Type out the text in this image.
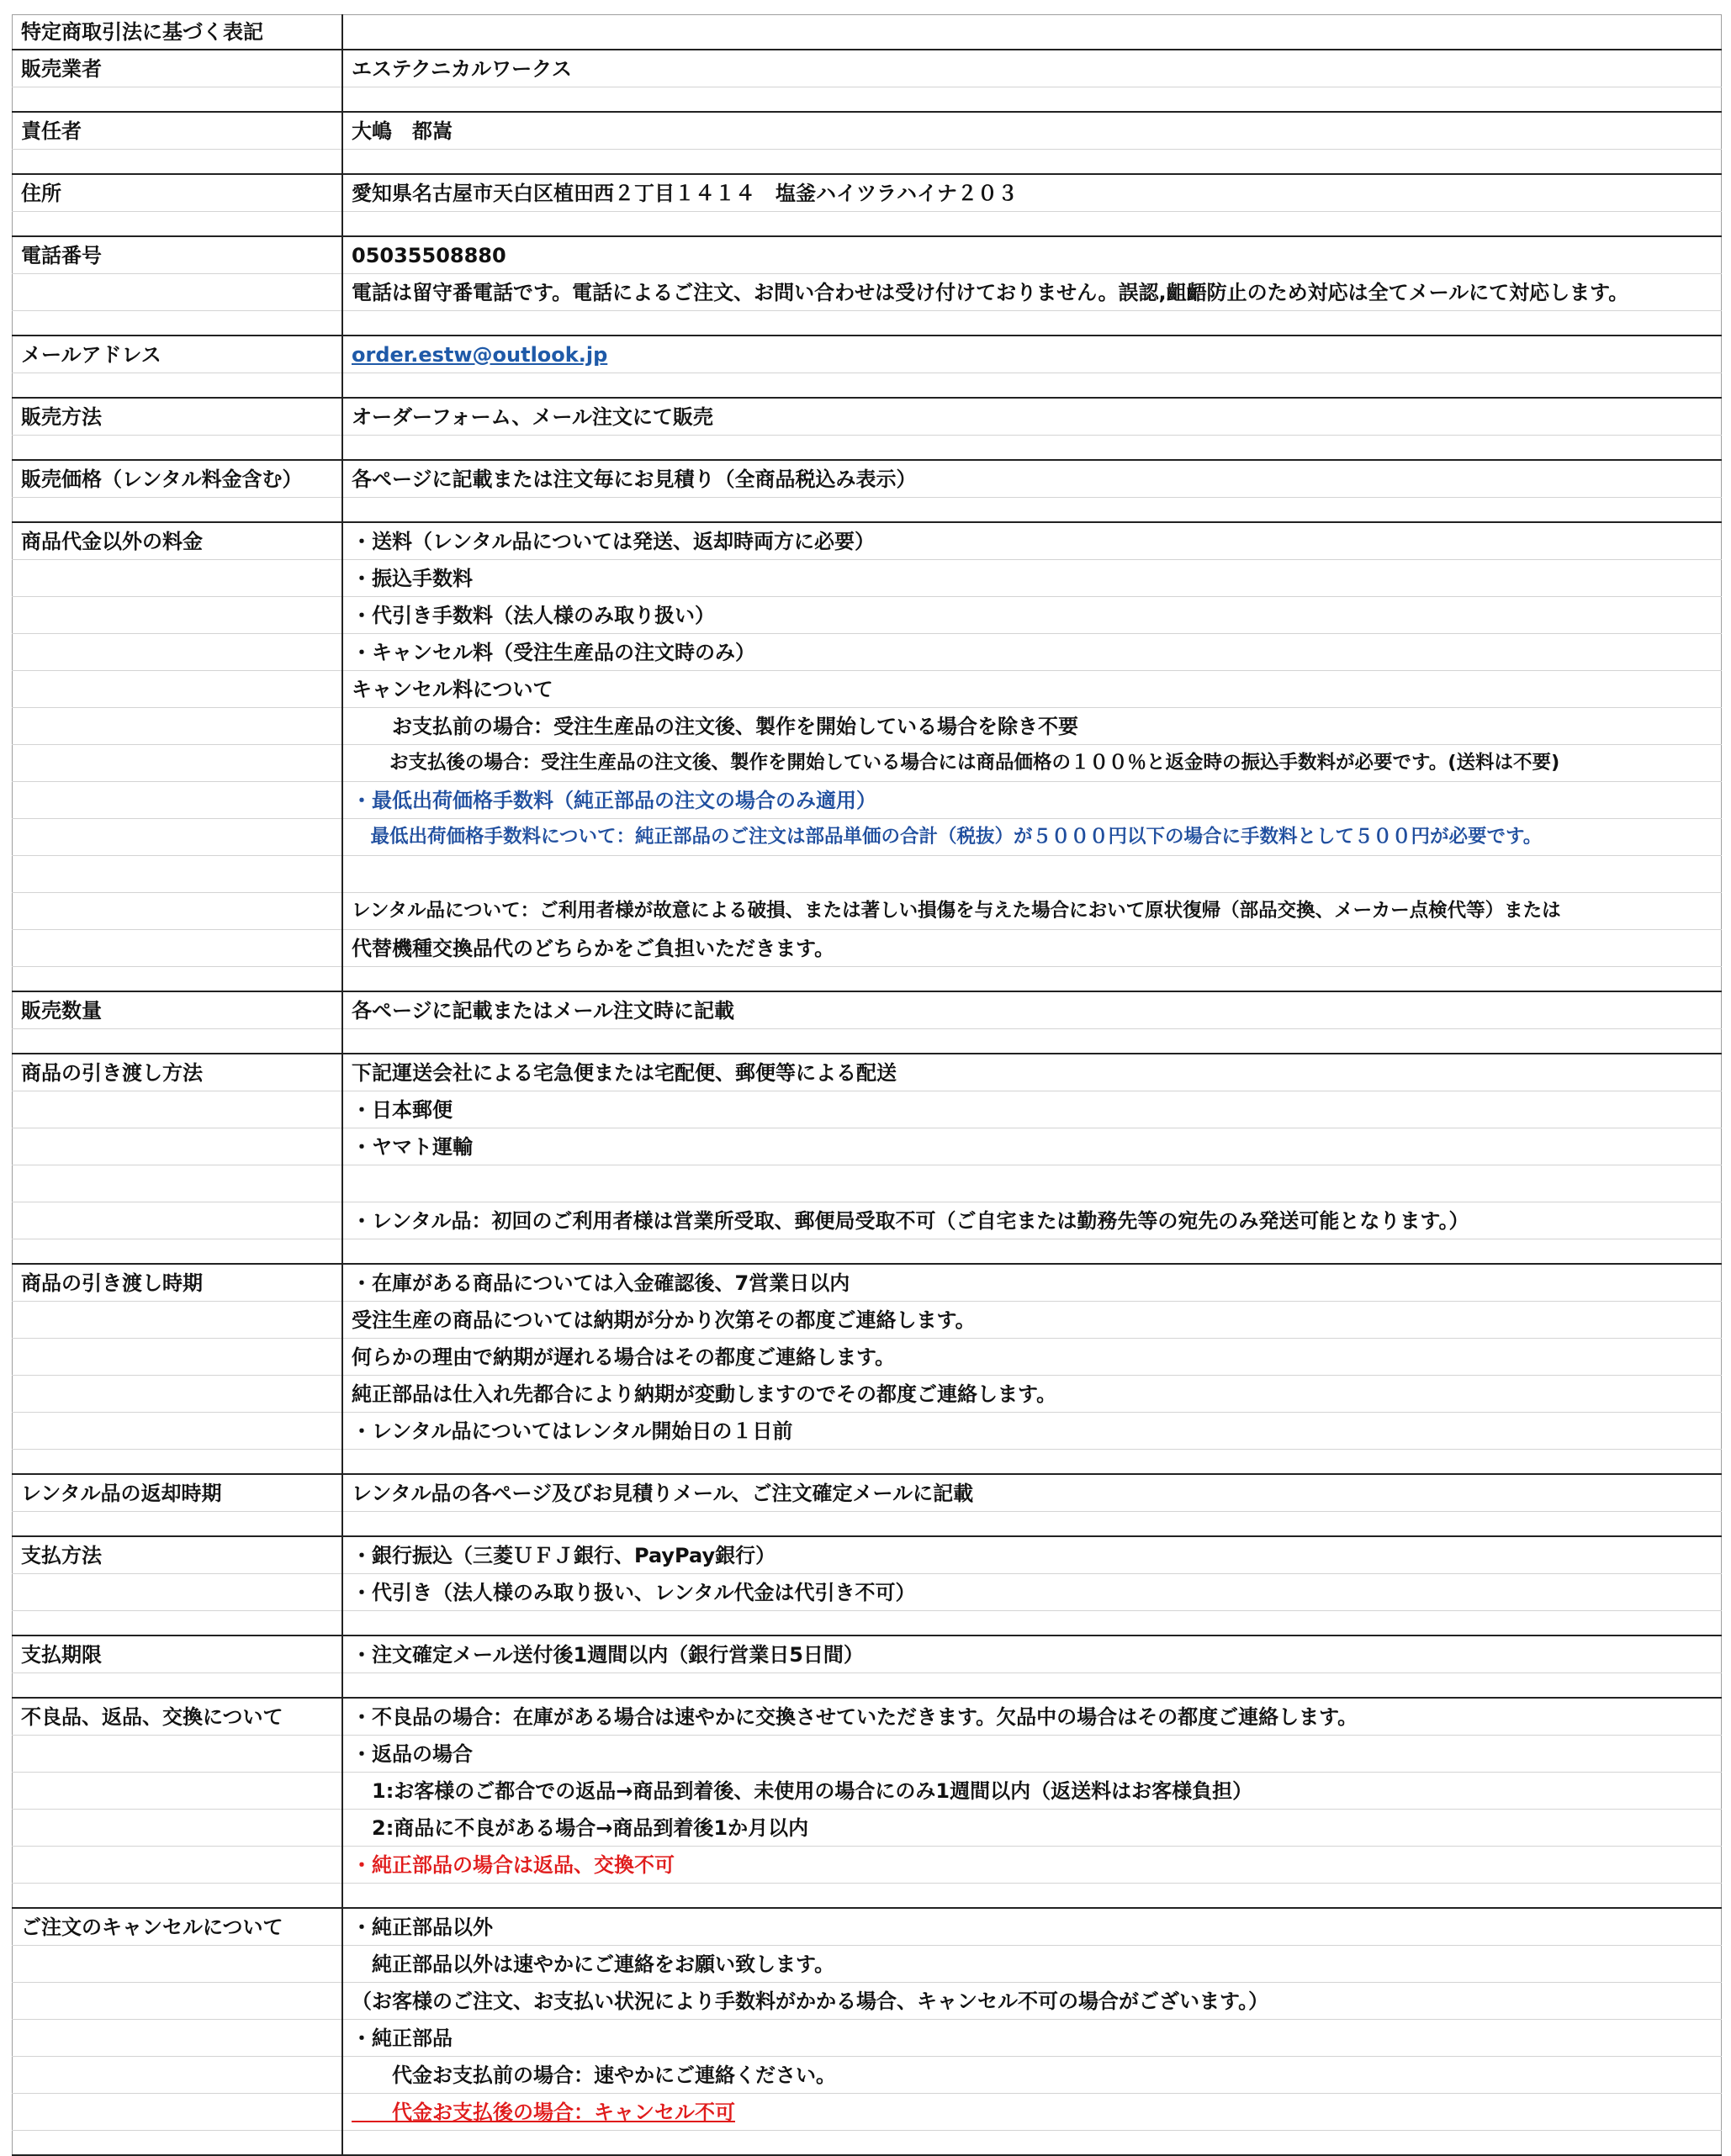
特定商取引法に基づく表記	
販売業者	エステクニカルワークス

責任者	大嶋　都嵩

住所	愛知県名古屋市天白区植田西２丁目１４１４　塩釜ハイツラハイナ２０３

電話番号	05035508880
	電話は留守番電話です。電話によるご注文、お問い合わせは受け付けておりません。誤認,齟齬防止のため対応は全てメールにて対応します。

メールアドレス	order.estw@outlook.jp

販売方法	オーダーフォーム、メール注文にて販売

販売価格（レンタル料金含む）	各ページに記載または注文毎にお見積り（全商品税込み表示）

商品代金以外の料金	・送料（レンタル品については発送、返却時両方に必要）
	・振込手数料
	・代引き手数料（法人様のみ取り扱い）
	・キャンセル料（受注生産品の注文時のみ）
	キャンセル料について
	　　お支払前の場合：受注生産品の注文後、製作を開始している場合を除き不要
	　　お支払後の場合：受注生産品の注文後、製作を開始している場合には商品価格の１００％と返金時の振込手数料が必要です。(送料は不要)
	・最低出荷価格手数料（純正部品の注文の場合のみ適用）
	　最低出荷価格手数料について：純正部品のご注文は部品単価の合計（税抜）が５０００円以下の場合に手数料として５００円が必要です。

	レンタル品について：ご利用者様が故意による破損、または著しい損傷を与えた場合において原状復帰（部品交換、メーカー点検代等）または
	代替機種交換品代のどちらかをご負担いただきます。

販売数量	各ページに記載またはメール注文時に記載

商品の引き渡し方法	下記運送会社による宅急便または宅配便、郵便等による配送
	・日本郵便
	・ヤマト運輸

	・レンタル品：初回のご利用者様は営業所受取、郵便局受取不可（ご自宅または勤務先等の宛先のみ発送可能となります。）

商品の引き渡し時期	・在庫がある商品については入金確認後、7営業日以内
	受注生産の商品については納期が分かり次第その都度ご連絡します。
	何らかの理由で納期が遅れる場合はその都度ご連絡します。
	純正部品は仕入れ先都合により納期が変動しますのでその都度ご連絡します。
	・レンタル品についてはレンタル開始日の１日前

レンタル品の返却時期	レンタル品の各ページ及びお見積りメール、ご注文確定メールに記載

支払方法	・銀行振込（三菱ＵＦＪ銀行、PayPay銀行）
	・代引き（法人様のみ取り扱い、レンタル代金は代引き不可）

支払期限	・注文確定メール送付後1週間以内（銀行営業日5日間）

不良品、返品、交換について	・不良品の場合：在庫がある場合は速やかに交換させていただきます。欠品中の場合はその都度ご連絡します。
	・返品の場合
	　1:お客様のご都合での返品→商品到着後、未使用の場合にのみ1週間以内（返送料はお客様負担）
	　2:商品に不良がある場合→商品到着後1か月以内
	・純正部品の場合は返品、交換不可

ご注文のキャンセルについて	・純正部品以外
	　純正部品以外は速やかにご連絡をお願い致します。
	（お客様のご注文、お支払い状況により手数料がかかる場合、キャンセル不可の場合がございます。）
	・純正部品
	　　代金お支払前の場合：速やかにご連絡ください。
	　　代金お支払後の場合：キャンセル不可
